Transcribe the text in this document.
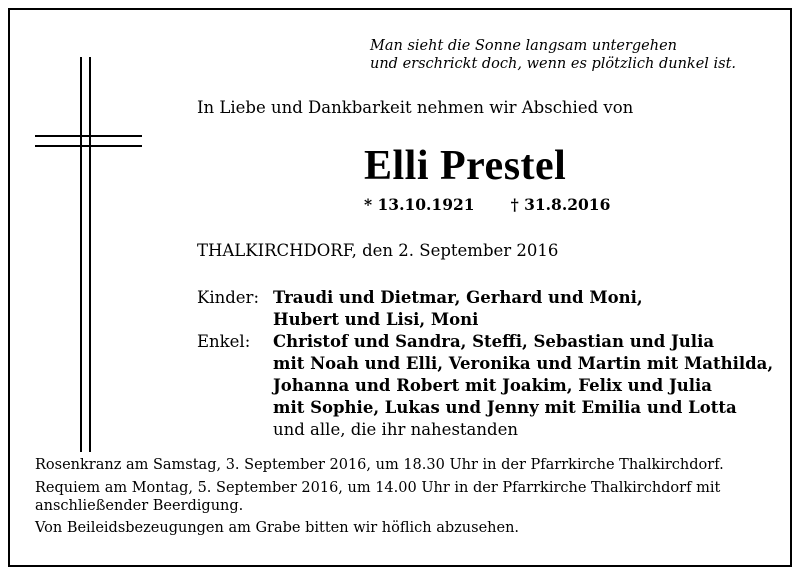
Man sieht die Sonne langsam untergehen
und erschrickt doch, wenn es plötzlich dunkel ist.
In Liebe und Dankbarkeit nehmen wir Abschied von
Elli Prestel
* 13.10.1921 † 31.8.2016
THALKIRCHDORF, den 2. September 2016
Kinder: Traudi und Dietmar, Gerhard und Moni,
Hubert und Lisi, Moni
Enkel:	Christof und Sandra, Steffi, Sebastian und Julia
mit Noah und Elli, Veronika und Martin mit Mathilda,
Johanna und Robert mit Joakim, Felix und Julia
mit Sophie, Lukas und Jenny mit Emilia und Lotta
und alle, die ihr nahestanden
Rosenkranz am Samstag, 3. September 2016, um 18.30 Uhr in der Pfarrkirche Thalkirchdorf.
Requiem am Montag, 5. September 2016, um 14.00 Uhr in der Pfarrkirche Thalkirchdorf mit
anschließender Beerdigung.
Von Beileidsbezeugungen am Grabe bitten wir höflich abzusehen.
